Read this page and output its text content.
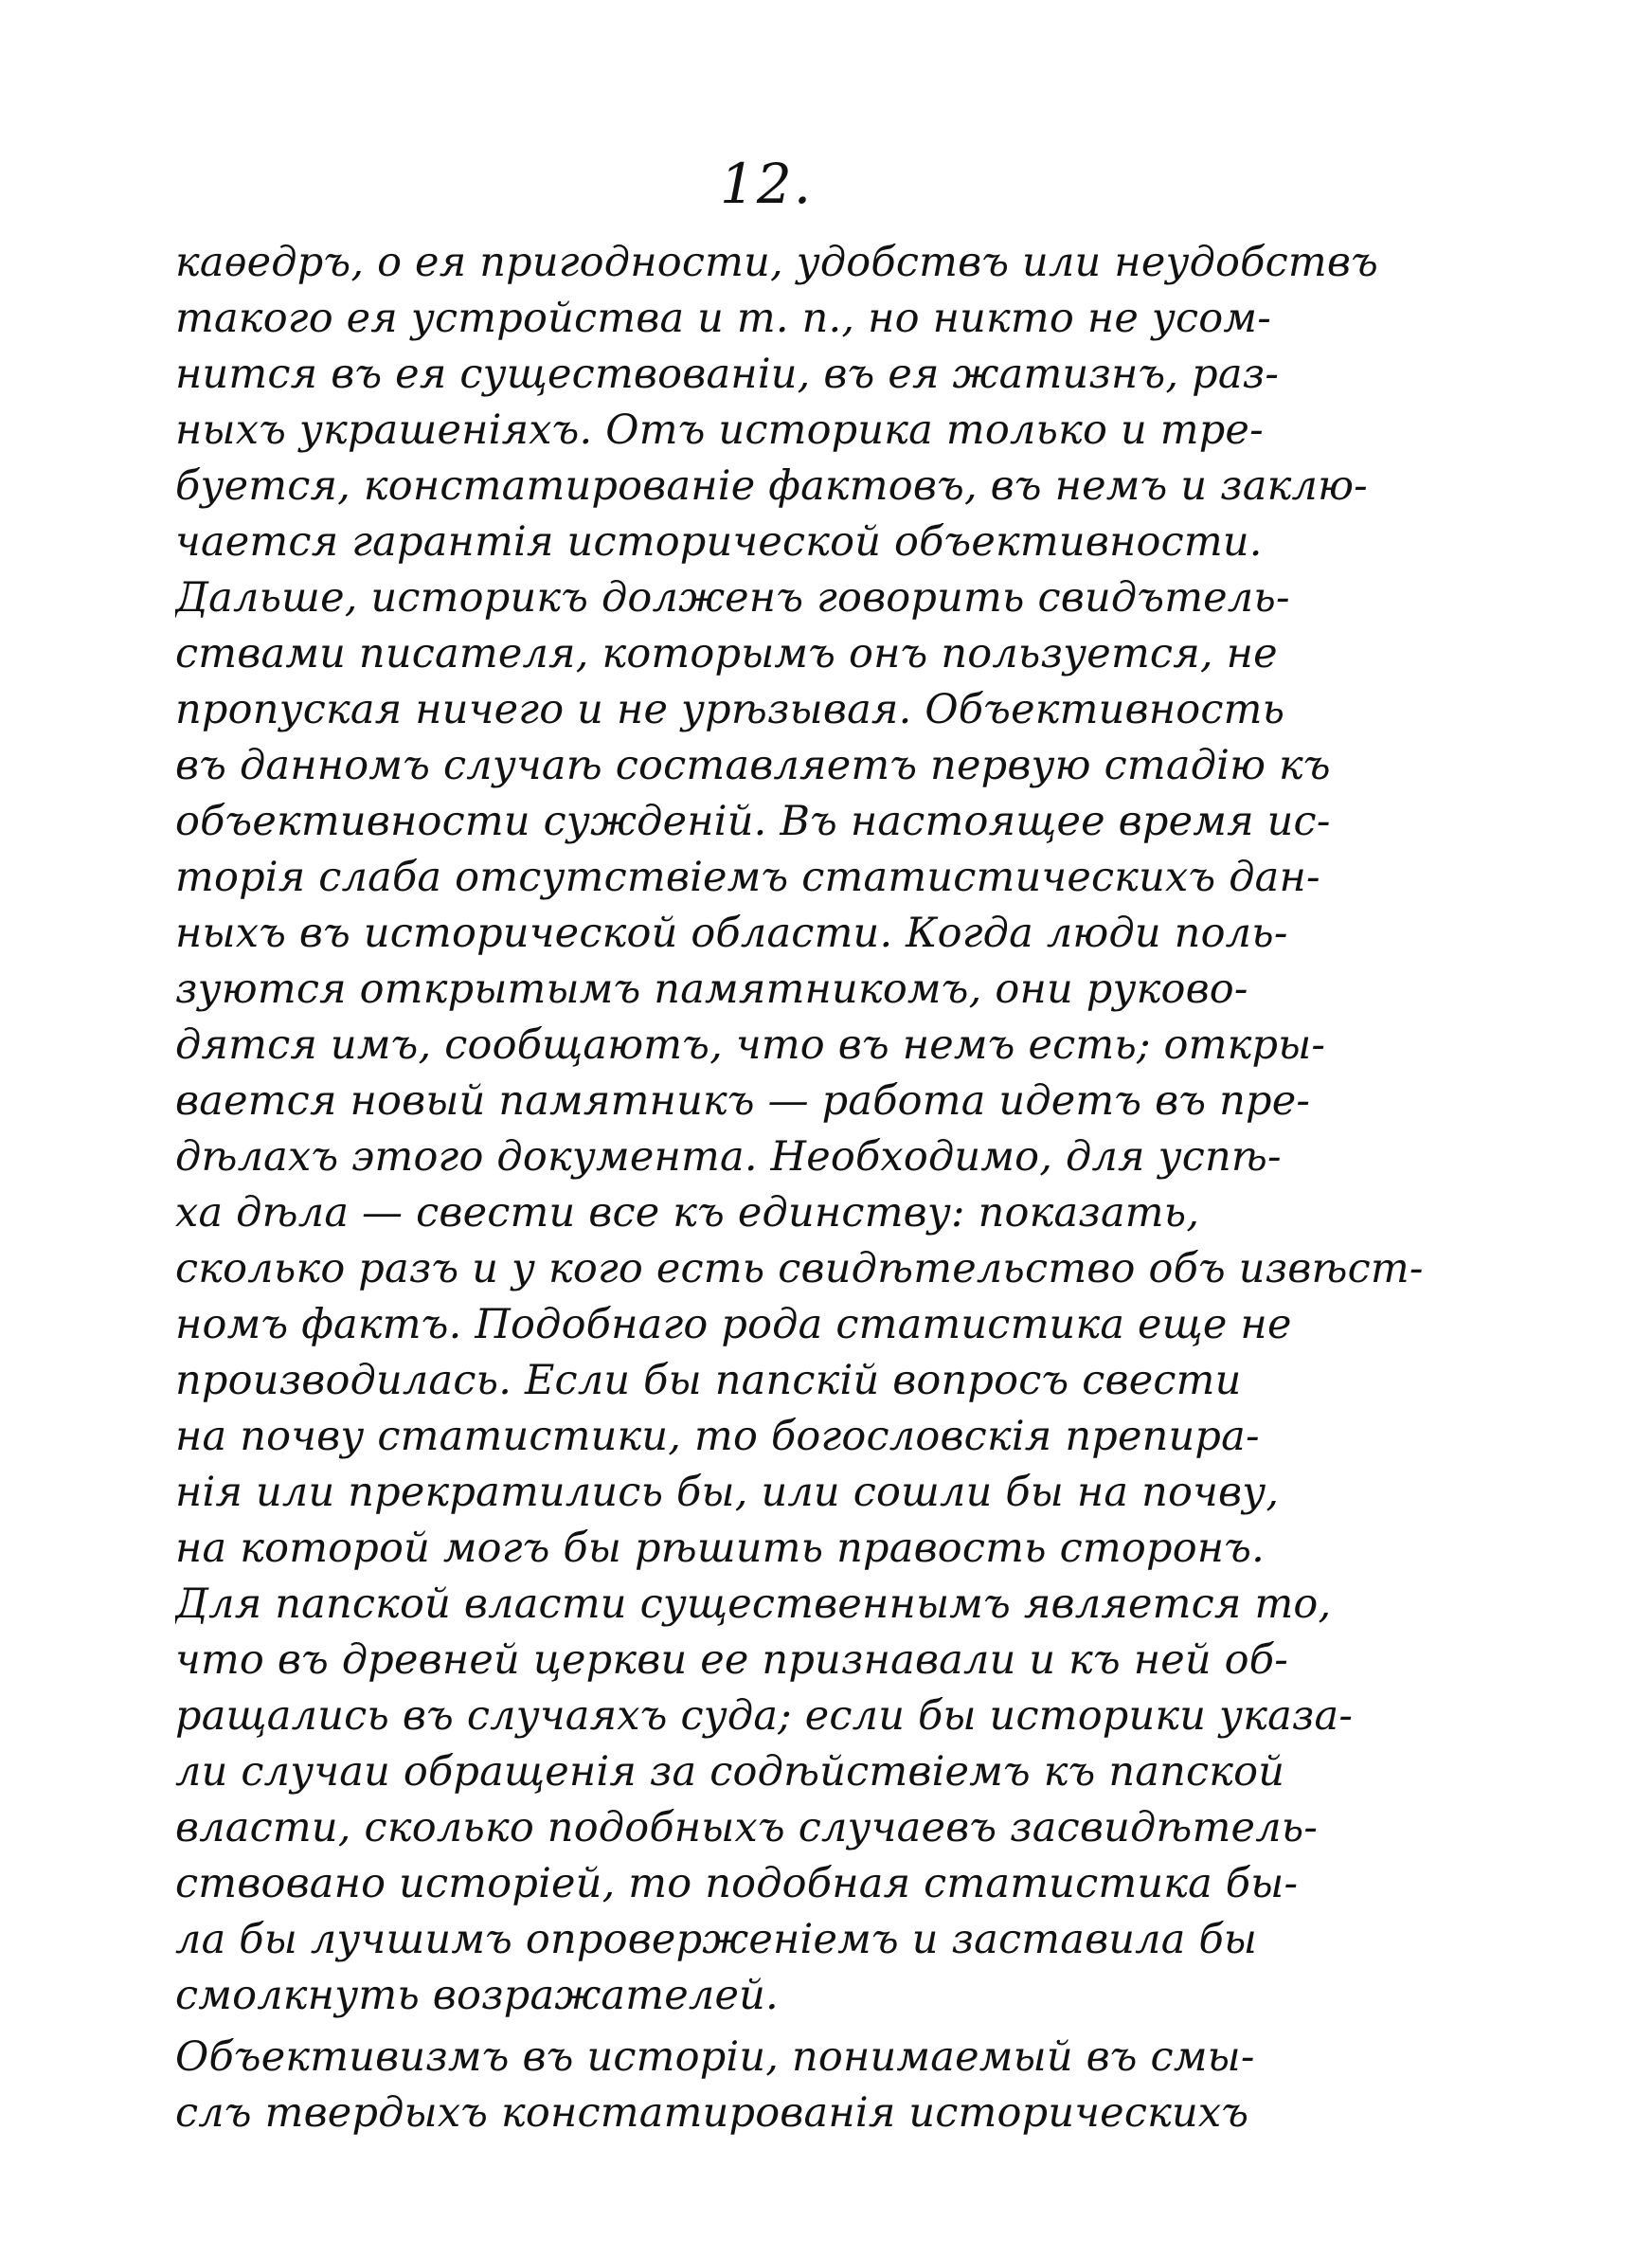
12.
каѳедръ, о ея пригодности, удобствъ или неудобствъ
такого ея устройства и т. п., но никто не усом-
нится въ ея существованіи, въ ея жатизнъ, раз-
ныхъ украшеніяхъ. Отъ историка только и тре-
буется, констатированіе фактовъ, въ немъ и заклю-
чается гарантія исторической объективности.
Дальше, историкъ долженъ говорить свидътель-
ствами писателя, которымъ онъ пользуется, не
пропуская ничего и не урѣзывая. Объективность
въ данномъ случаѣ составляетъ первую стадію къ
объективности сужденій. Въ настоящее время ис-
торія слаба отсутствіемъ статистическихъ дан-
ныхъ въ исторической области. Когда люди поль-
зуются открытымъ памятникомъ, они руково-
дятся имъ, сообщаютъ, что въ немъ есть; откры-
вается новый памятникъ — работа идетъ въ пре-
дѣлахъ этого документа. Необходимо, для успѣ-
ха дѣла — свести все къ единству: показать,
сколько разъ и у кого есть свидѣтельство объ извѣст-
номъ фактъ. Подобнаго рода статистика еще не
производилась. Если бы папскій вопросъ свести
на почву статистики, то богословскія препира-
нія или прекратились бы, или сошли бы на почву,
на которой могъ бы рѣшить правость сторонъ.
Для папской власти существеннымъ является то,
что въ древней церкви ее признавали и къ ней об-
ращались въ случаяхъ суда; если бы историки указа-
ли случаи обращенія за содѣйствіемъ къ папской
власти, сколько подобныхъ случаевъ засвидѣтель-
ствовано исторіей, то подобная статистика бы-
ла бы лучшимъ опроверженіемъ и заставила бы
смолкнуть возражателей.
Объективизмъ въ исторіи, понимаемый въ смы-
слъ твердыхъ констатированія историческихъ
